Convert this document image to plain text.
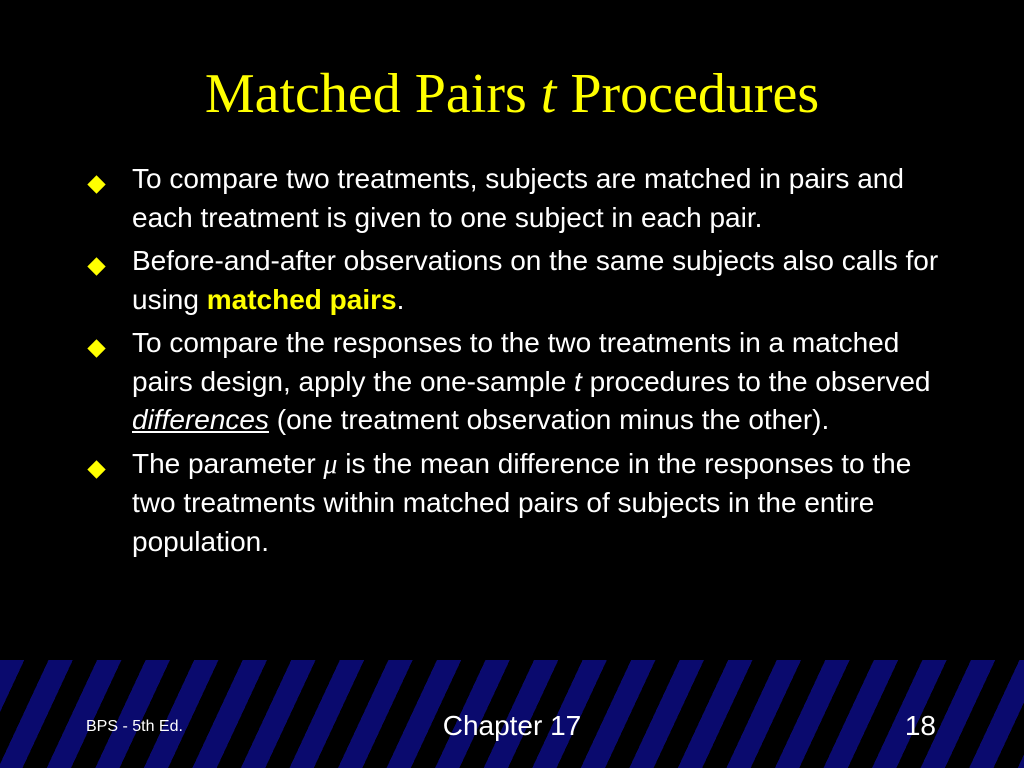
Matched Pairs t Procedures
To compare two treatments, subjects are matched in pairs and each treatment is given to one subject in each pair.
Before-and-after observations on the same subjects also calls for using matched pairs.
To compare the responses to the two treatments in a matched pairs design, apply the one-sample t procedures to the observed differences (one treatment observation minus the other).
The parameter μ is the mean difference in the responses to the two treatments within matched pairs of subjects in the entire population.
BPS - 5th Ed.	Chapter 17	18
